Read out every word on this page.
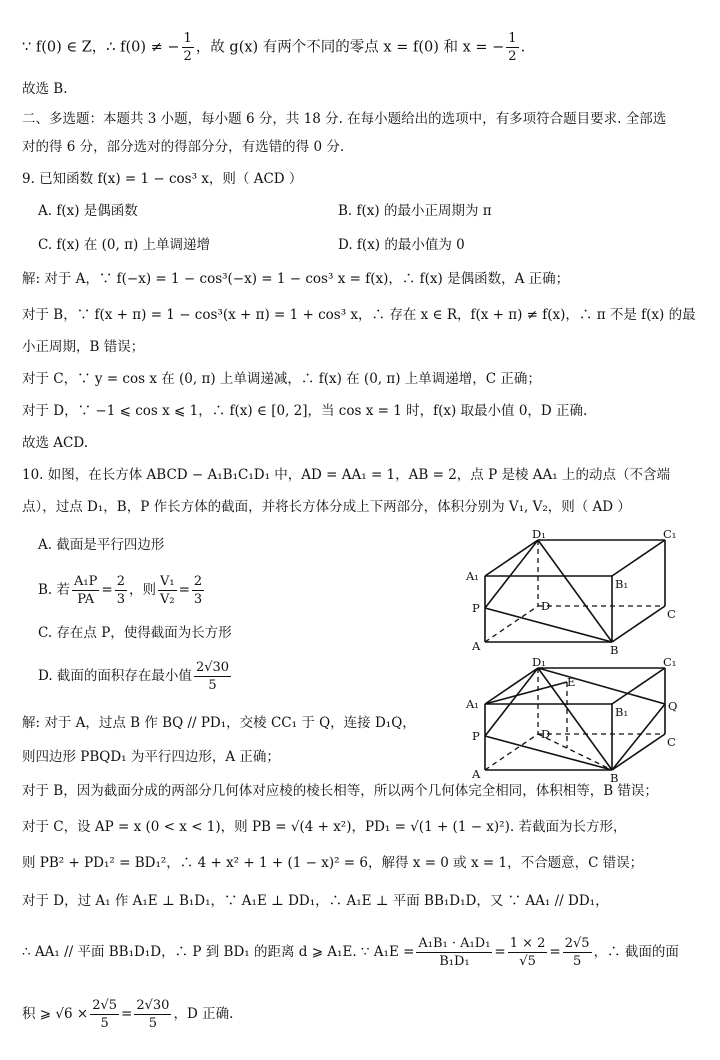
∵ f(0) ∈ Z，∴ f(0) ≠ − $\frac{1}{2}$ ，故 g(x) 有两个不同的零点 x = f(0) 和 x = − $\frac{1}{2}$ .
故选 B.
二、多选题：本题共 3 小题，每小题 6 分，共 18 分. 在每小题给出的选项中，有多项符合题目要求. 全部选
对的得 6 分，部分选对的得部分分，有选错的得 0 分.
9. 已知函数 f(x) = 1 − cos³ x，则（ ACD ）
A. f(x) 是偶函数	B. f(x) 的最小正周期为 π
C. f(x) 在 (0, π) 上单调递增	D. f(x) 的最小值为 0
解: 对于 A，∵ f(−x) = 1 − cos³(−x) = 1 − cos³ x = f(x)，∴ f(x) 是偶函数，A 正确；
对于 B，∵ f(x + π) = 1 − cos³(x + π) = 1 + cos³ x，∴ 存在 x ∈ R，f(x + π) ≠ f(x)，∴ π 不是 f(x) 的最
小正周期，B 错误；
对于 C，∵ y = cos x 在 (0, π) 上单调递减，∴ f(x) 在 (0, π) 上单调递增，C 正确；
对于 D，∵ −1 ⩽ cos x ⩽ 1，∴ f(x) ∈ [0, 2]，当 cos x = 1 时，f(x) 取最小值 0，D 正确.
故选 ACD.
10. 如图，在长方体 ABCD − A₁B₁C₁D₁ 中，AD = AA₁ = 1，AB = 2，点 P 是棱 AA₁ 上的动点（不含端
点），过点 D₁，B，P 作长方体的截面，并将长方体分成上下两部分，体积分别为 V₁, V₂，则（ AD ）
A. 截面是平行四边形
B. 若 $\frac{\text{A₁P}}{PA} = \frac{2}{3}$ ，则 $\frac{\text{V₁}}{\text{V₂}} = \frac{2}{3}$
C. 存在点 P，使得截面为长方形
D. 截面的面积存在最小值 $\frac{2√30}{5}$
解: 对于 A，过点 B 作 BQ // PD₁，交棱 CC₁ 于 Q，连接 D₁Q，
则四边形 PBQD₁ 为平行四边形，A 正确；
对于 B，因为截面分成的两部分几何体对应棱的棱长相等，所以两个几何体完全相同，体积相等，B 错误；
对于 C，设 AP = x (0 < x < 1)，则 PB = √(4 + x²)，PD₁ = √(1 + (1 − x)²). 若截面为长方形，
则 PB² + PD₁² = BD₁²，∴ 4 + x² + 1 + (1 − x)² = 6，解得 x = 0 或 x = 1，不合题意，C 错误；
对于 D，过 A₁ 作 A₁E ⊥ B₁D₁，∵ A₁E ⊥ DD₁，∴ A₁E ⊥ 平面 BB₁D₁D，又 ∵ AA₁ // DD₁，
∴ AA₁ // 平面 BB₁D₁D，∴ P 到 BD₁ 的距离 d ⩾ A₁E. ∵ $A_1E = \frac{\text{A₁B₁ · A₁D₁}}{\text{B₁D₁}} = \frac{1 \times 2}{√5} = \frac{2√5}{5}$ ，∴ 截面的面
积 ⩾ $√6 \times \frac{2√5}{5} = \frac{2√30}{5}$ ，D 正确.
D₁	C₁
A₁
B₁
P	D
C
A	B
D₁	C₁
E
A₁
B₁	Q
P	D
C
A	B
